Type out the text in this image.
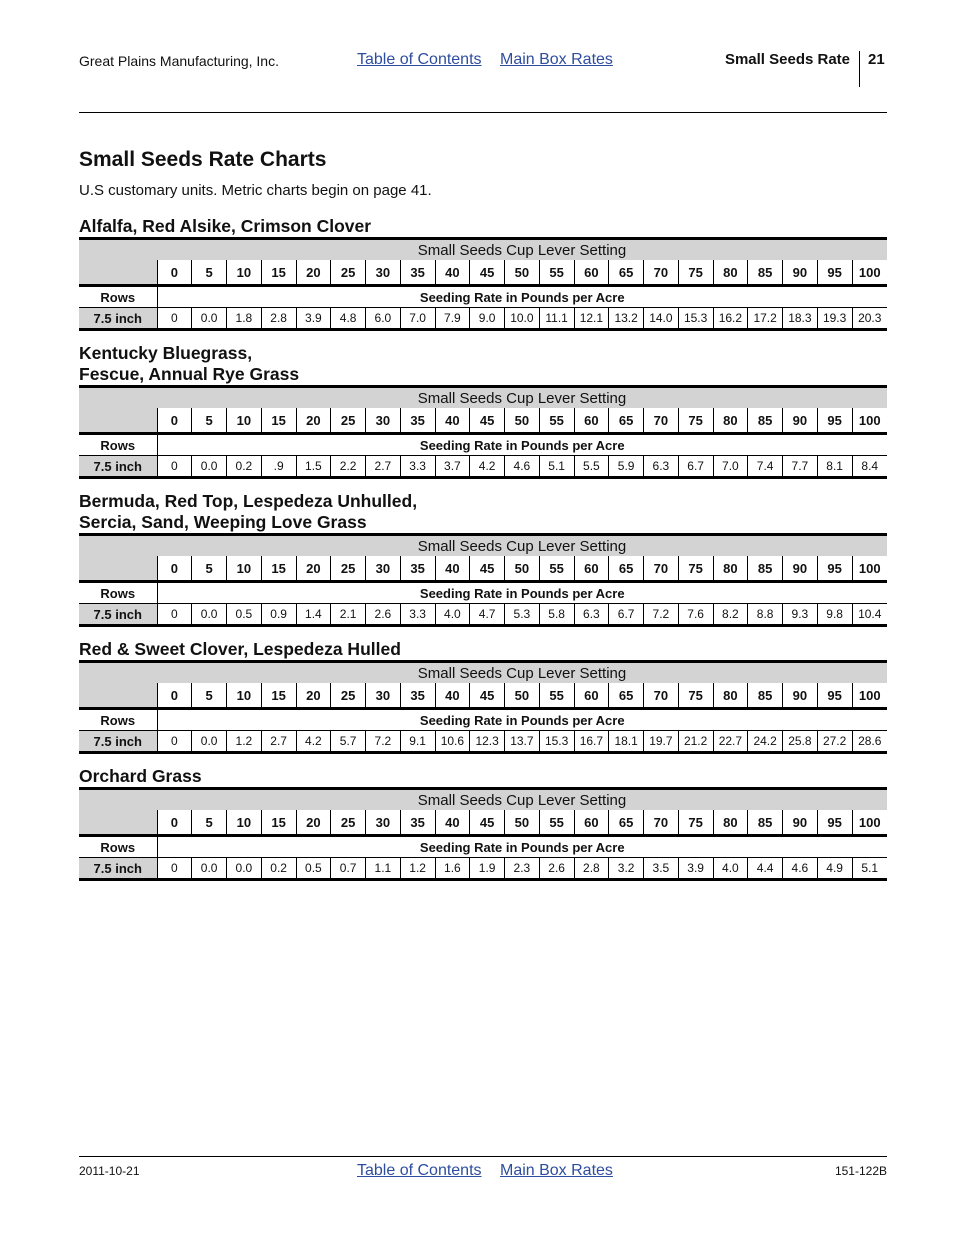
Great Plains Manufacturing, Inc.	Table of Contents Main Box Rates	Small Seeds Rate 21
Small Seeds Rate Charts

U.S customary units. Metric charts begin on page 41.

Alfalfa, Red Alsike, Crimson Clover
	Small Seeds Cup Lever Setting																				
	0	5	10	15	20	25	30	35	40	45	50	55	60	65	70	75	80	85	90	95	100
Rows	Seeding Rate in Pounds per Acre																				
7.5 inch	0	0.0	1.8	2.8	3.9	4.8	6.0	7.0	7.9	9.0	10.0	11.1	12.1	13.2	14.0	15.3	16.2	17.2	18.3	19.3	20.3
Kentucky Bluegrass,
Fescue, Annual Rye Grass
	Small Seeds Cup Lever Setting																				
	0	5	10	15	20	25	30	35	40	45	50	55	60	65	70	75	80	85	90	95	100
Rows	Seeding Rate in Pounds per Acre																				
7.5 inch	0	0.0	0.2	.9	1.5	2.2	2.7	3.3	3.7	4.2	4.6	5.1	5.5	5.9	6.3	6.7	7.0	7.4	7.7	8.1	8.4
Bermuda, Red Top, Lespedeza Unhulled,
Sercia, Sand, Weeping Love Grass
	Small Seeds Cup Lever Setting																				
	0	5	10	15	20	25	30	35	40	45	50	55	60	65	70	75	80	85	90	95	100
Rows	Seeding Rate in Pounds per Acre																				
7.5 inch	0	0.0	0.5	0.9	1.4	2.1	2.6	3.3	4.0	4.7	5.3	5.8	6.3	6.7	7.2	7.6	8.2	8.8	9.3	9.8	10.4
Red & Sweet Clover, Lespedeza Hulled
	Small Seeds Cup Lever Setting																				
	0	5	10	15	20	25	30	35	40	45	50	55	60	65	70	75	80	85	90	95	100
Rows	Seeding Rate in Pounds per Acre																				
7.5 inch	0	0.0	1.2	2.7	4.2	5.7	7.2	9.1	10.6	12.3	13.7	15.3	16.7	18.1	19.7	21.2	22.7	24.2	25.8	27.2	28.6
Orchard Grass
	Small Seeds Cup Lever Setting																				
	0	5	10	15	20	25	30	35	40	45	50	55	60	65	70	75	80	85	90	95	100
Rows	Seeding Rate in Pounds per Acre																				
7.5 inch	0	0.0	0.0	0.2	0.5	0.7	1.1	1.2	1.6	1.9	2.3	2.6	2.8	3.2	3.5	3.9	4.0	4.4	4.6	4.9	5.1
2011-10-21	Table of Contents Main Box Rates	151-122B
